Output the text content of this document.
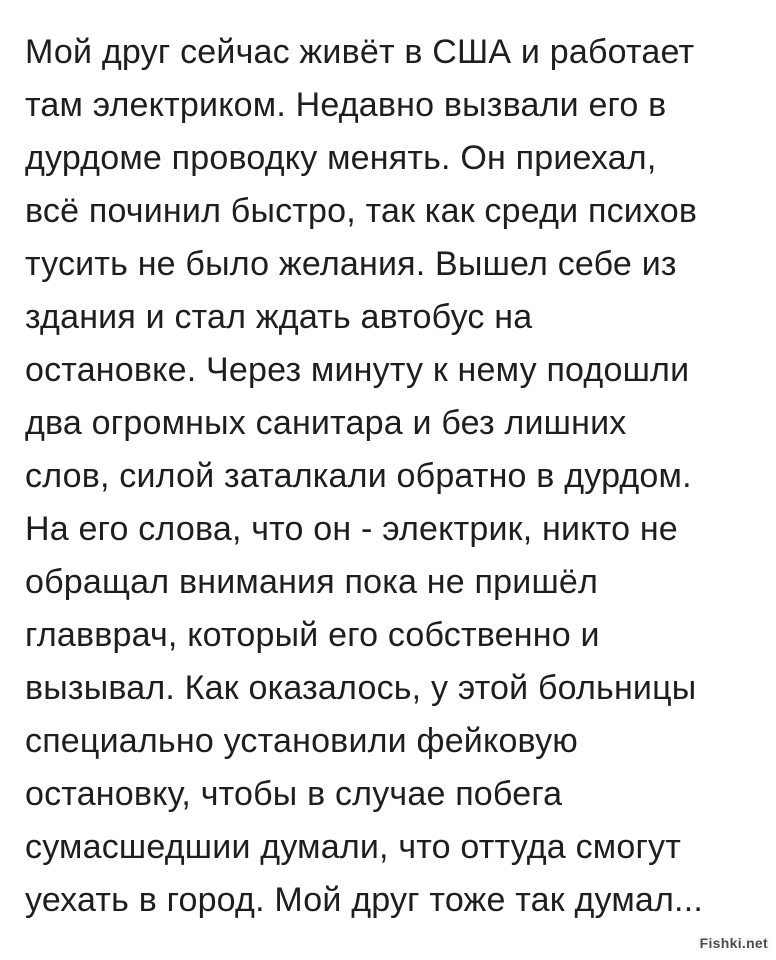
Мой друг сейчас живёт в США и работает
там электриком. Недавно вызвали его в
дурдоме проводку менять. Он приехал,
всё починил быстро, так как среди психов
тусить не было желания. Вышел себе из
здания и стал ждать автобус на
остановке. Через минуту к нему подошли
два огромных санитара и без лишних
слов, силой заталкали обратно в дурдом.
На его слова, что он - электрик, никто не
обращал внимания пока не пришёл
главврач, который его собственно и
вызывал. Как оказалось, у этой больницы
специально установили фейковую
остановку, чтобы в случае побега
сумасшедшии думали, что оттуда смогут
уехать в город. Мой друг тоже так думал...
Fishki.net
